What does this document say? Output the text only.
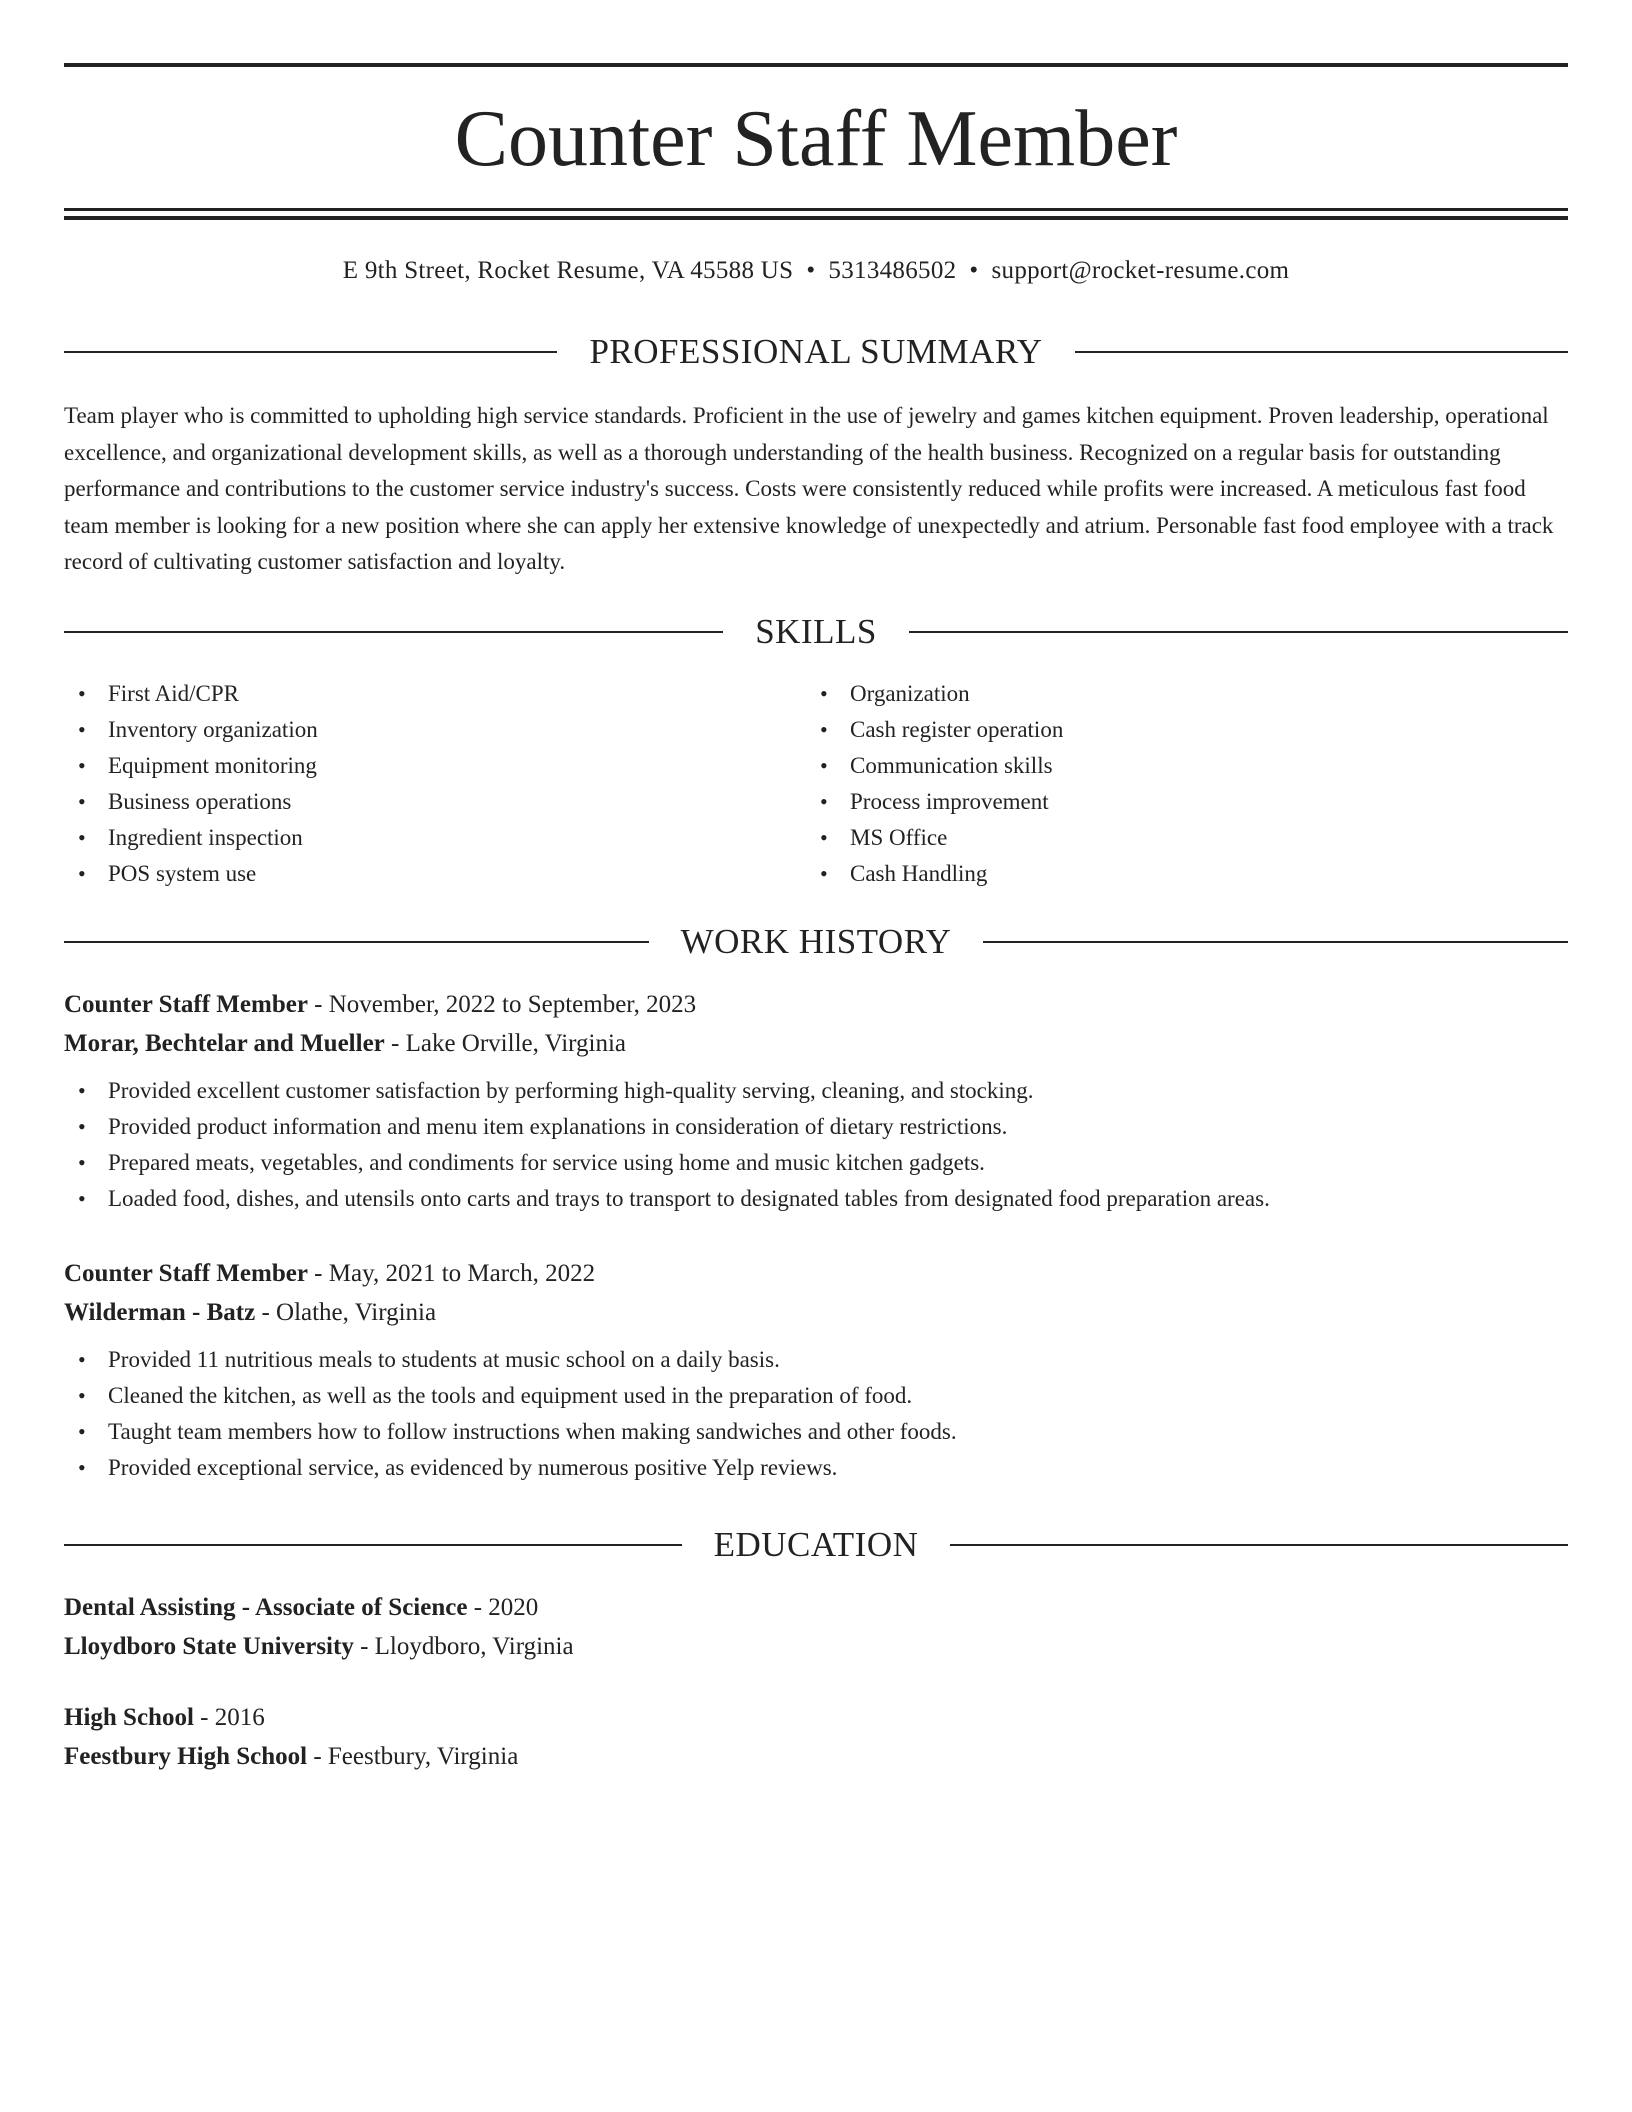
Counter Staff Member
E 9th Street, Rocket Resume, VA 45588 US • 5313486502 • support@rocket-resume.com
PROFESSIONAL SUMMARY

Team player who is committed to upholding high service standards. Proficient in the use of jewelry and games kitchen equipment. Proven leadership, operational excellence, and organizational development skills, as well as a thorough understanding of the health business. Recognized on a regular basis for outstanding performance and contributions to the customer service industry's success. Costs were consistently reduced while profits were increased. A meticulous fast food team member is looking for a new position where she can apply her extensive knowledge of unexpectedly and atrium. Personable fast food employee with a track record of cultivating customer satisfaction and loyalty.

SKILLS
• First Aid/CPR
• Inventory organization
• Equipment monitoring
• Business operations
• Ingredient inspection
• POS system use
• Organization
• Cash register operation
• Communication skills
• Process improvement
• MS Office
• Cash Handling
WORK HISTORY
Counter Staff Member - November, 2022 to September, 2023
Morar, Bechtelar and Mueller - Lake Orville, Virginia
• Provided excellent customer satisfaction by performing high-quality serving, cleaning, and stocking.
• Provided product information and menu item explanations in consideration of dietary restrictions.
• Prepared meats, vegetables, and condiments for service using home and music kitchen gadgets.
• Loaded food, dishes, and utensils onto carts and trays to transport to designated tables from designated food preparation areas.
Counter Staff Member - May, 2021 to March, 2022
Wilderman - Batz - Olathe, Virginia
• Provided 11 nutritious meals to students at music school on a daily basis.
• Cleaned the kitchen, as well as the tools and equipment used in the preparation of food.
• Taught team members how to follow instructions when making sandwiches and other foods.
• Provided exceptional service, as evidenced by numerous positive Yelp reviews.
EDUCATION
Dental Assisting - Associate of Science - 2020
Lloydboro State University - Lloydboro, Virginia
High School - 2016
Feestbury High School - Feestbury, Virginia
